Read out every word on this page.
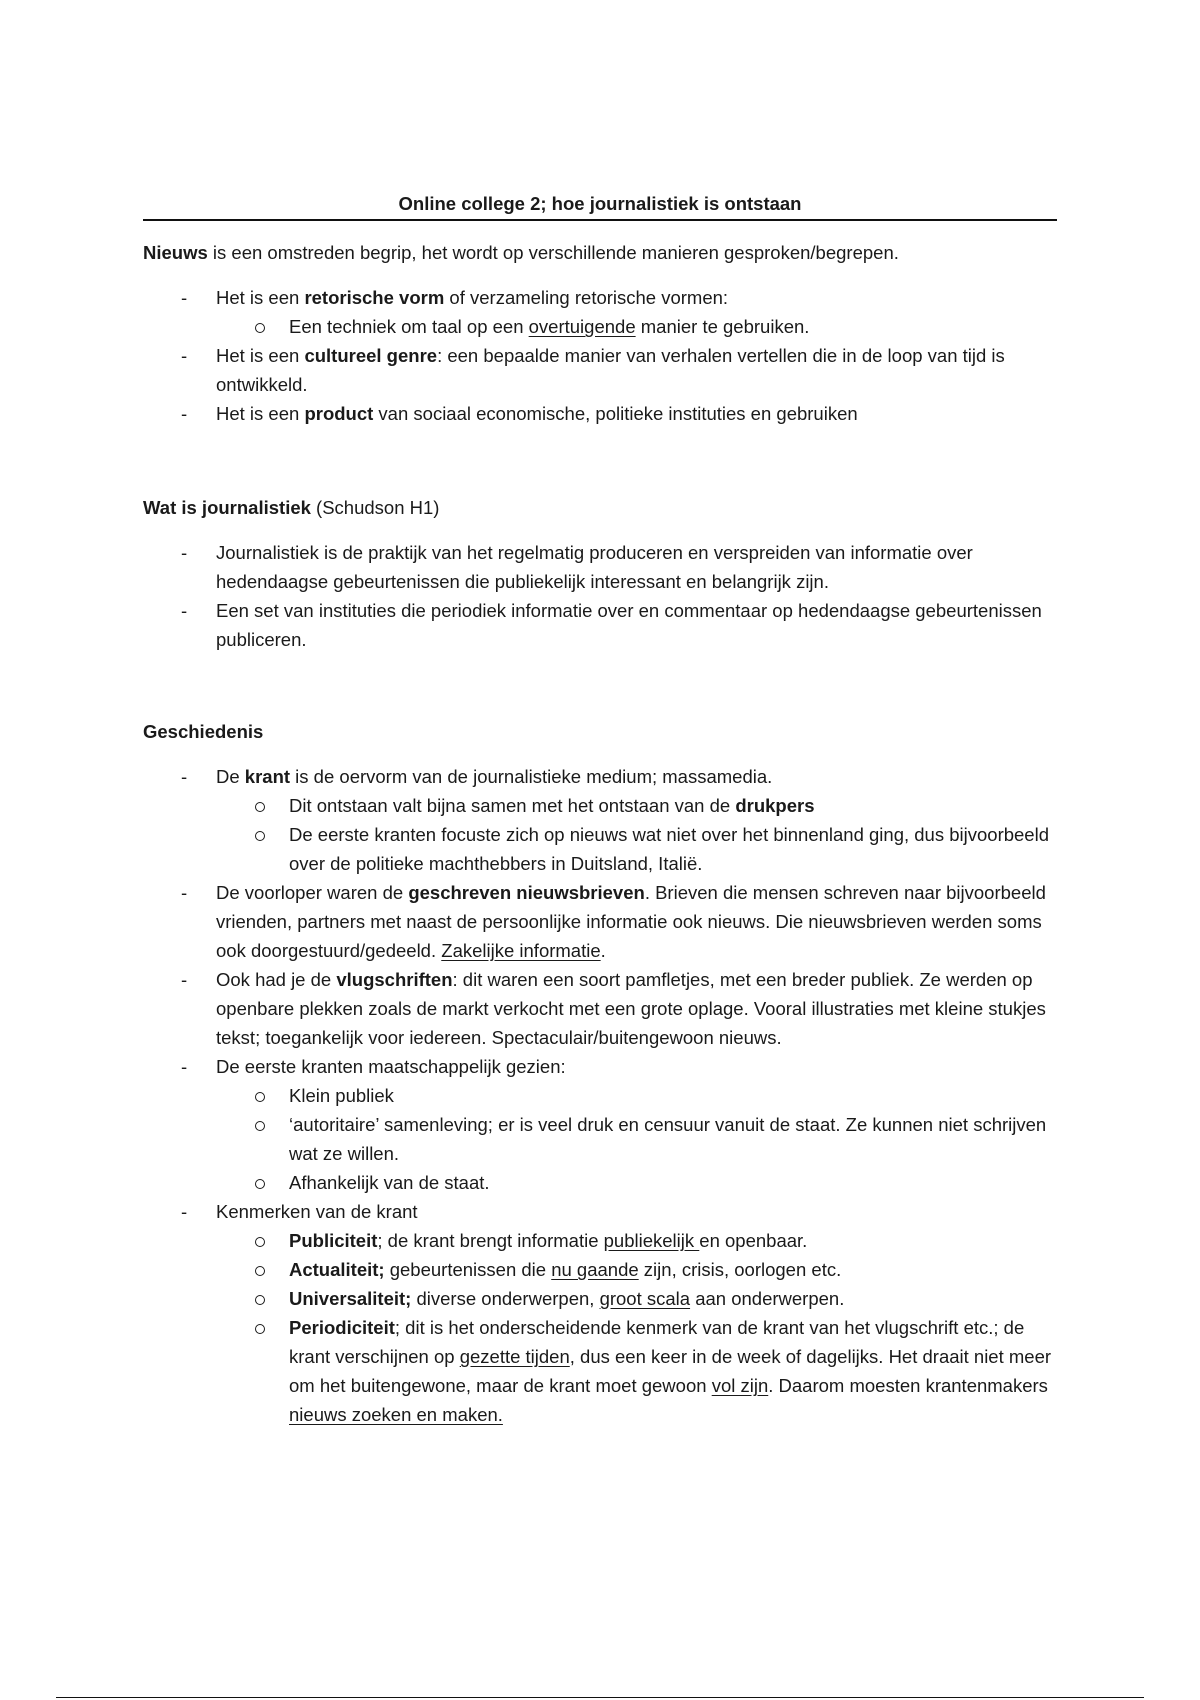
Online college 2; hoe journalistiek is ontstaan

Nieuws is een omstreden begrip, het wordt op verschillende manieren gesproken/begrepen.

- Het is een retorische vorm of verzameling retorische vormen:
Een techniek om taal op een overtuigende manier te gebruiken.
- Het is een cultureel genre: een bepaalde manier van verhalen vertellen die in de loop van tijd is ontwikkeld.
- Het is een product van sociaal economische, politieke instituties en gebruiken

Wat is journalistiek (Schudson H1)

- Journalistiek is de praktijk van het regelmatig produceren en verspreiden van informatie over hedendaagse gebeurtenissen die publiekelijk interessant en belangrijk zijn.
- Een set van instituties die periodiek informatie over en commentaar op hedendaagse gebeurtenissen publiceren.

Geschiedenis

- De krant is de oervorm van de journalistieke medium; massamedia.
Dit ontstaan valt bijna samen met het ontstaan van de drukpers
De eerste kranten focuste zich op nieuws wat niet over het binnenland ging, dus bijvoorbeeld over de politieke machthebbers in Duitsland, Italië.
- De voorloper waren de geschreven nieuwsbrieven. Brieven die mensen schreven naar bijvoorbeeld vrienden, partners met naast de persoonlijke informatie ook nieuws. Die nieuwsbrieven werden soms ook doorgestuurd/gedeeld. Zakelijke informatie.
- Ook had je de vlugschriften: dit waren een soort pamfletjes, met een breder publiek. Ze werden op openbare plekken zoals de markt verkocht met een grote oplage. Vooral illustraties met kleine stukjes tekst; toegankelijk voor iedereen. Spectaculair/buitengewoon nieuws.
- De eerste kranten maatschappelijk gezien:
Klein publiek
‘autoritaire’ samenleving; er is veel druk en censuur vanuit de staat. Ze kunnen niet schrijven wat ze willen.
Afhankelijk van de staat.
- Kenmerken van de krant
Publiciteit; de krant brengt informatie publiekelijk en openbaar.
Actualiteit; gebeurtenissen die nu gaande zijn, crisis, oorlogen etc.
Universaliteit; diverse onderwerpen, groot scala aan onderwerpen.
Periodiciteit; dit is het onderscheidende kenmerk van de krant van het vlugschrift etc.; de krant verschijnen op gezette tijden, dus een keer in de week of dagelijks. Het draait niet meer om het buitengewone, maar de krant moet gewoon vol zijn. Daarom moesten krantenmakers nieuws zoeken en maken.
